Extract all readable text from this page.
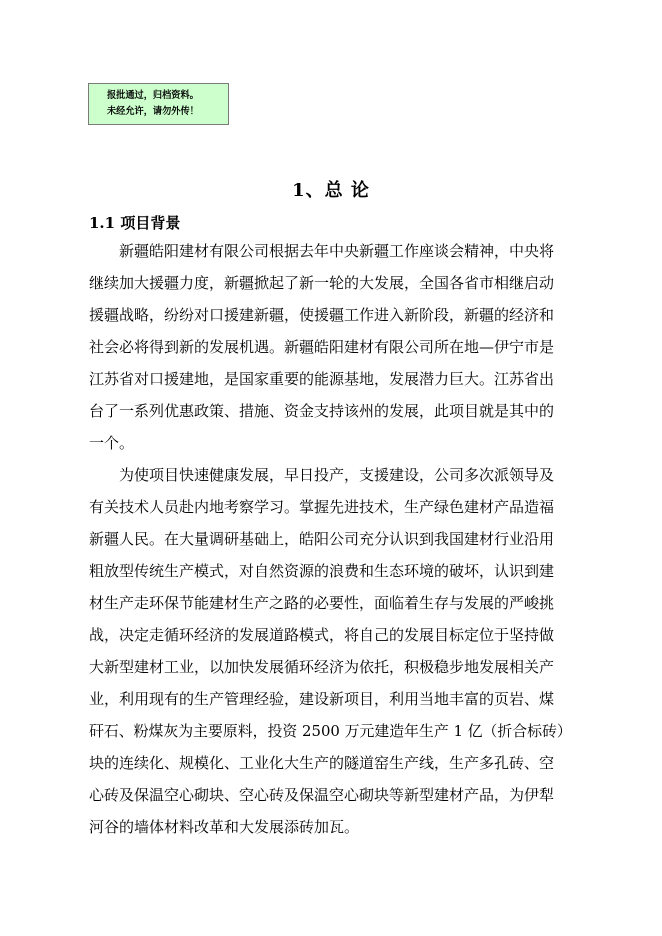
报批通过，归档资料。
未经允许，请勿外传！
1、总 论
1.1 项目背景
新疆皓阳建材有限公司根据去年中央新疆工作座谈会精神，中央将
继续加大援疆力度，新疆掀起了新一轮的大发展，全国各省市相继启动
援疆战略，纷纷对口援建新疆，使援疆工作进入新阶段，新疆的经济和
社会必将得到新的发展机遇。新疆皓阳建材有限公司所在地—伊宁市是
江苏省对口援建地，是国家重要的能源基地，发展潜力巨大。江苏省出
台了一系列优惠政策、措施、资金支持该州的发展，此项目就是其中的
一个。
为使项目快速健康发展，早日投产，支援建设，公司多次派领导及
有关技术人员赴内地考察学习。掌握先进技术，生产绿色建材产品造福
新疆人民。在大量调研基础上，皓阳公司充分认识到我国建材行业沿用
粗放型传统生产模式，对自然资源的浪费和生态环境的破坏，认识到建
材生产走环保节能建材生产之路的必要性，面临着生存与发展的严峻挑
战，决定走循环经济的发展道路模式，将自己的发展目标定位于坚持做
大新型建材工业，以加快发展循环经济为依托，积极稳步地发展相关产
业，利用现有的生产管理经验，建设新项目，利用当地丰富的页岩、煤
矸石、粉煤灰为主要原料，投资 2500 万元建造年生产 1 亿（折合标砖）
块的连续化、规模化、工业化大生产的隧道窑生产线，生产多孔砖、空
心砖及保温空心砌块、空心砖及保温空心砌块等新型建材产品，为伊犁
河谷的墙体材料改革和大发展添砖加瓦。
